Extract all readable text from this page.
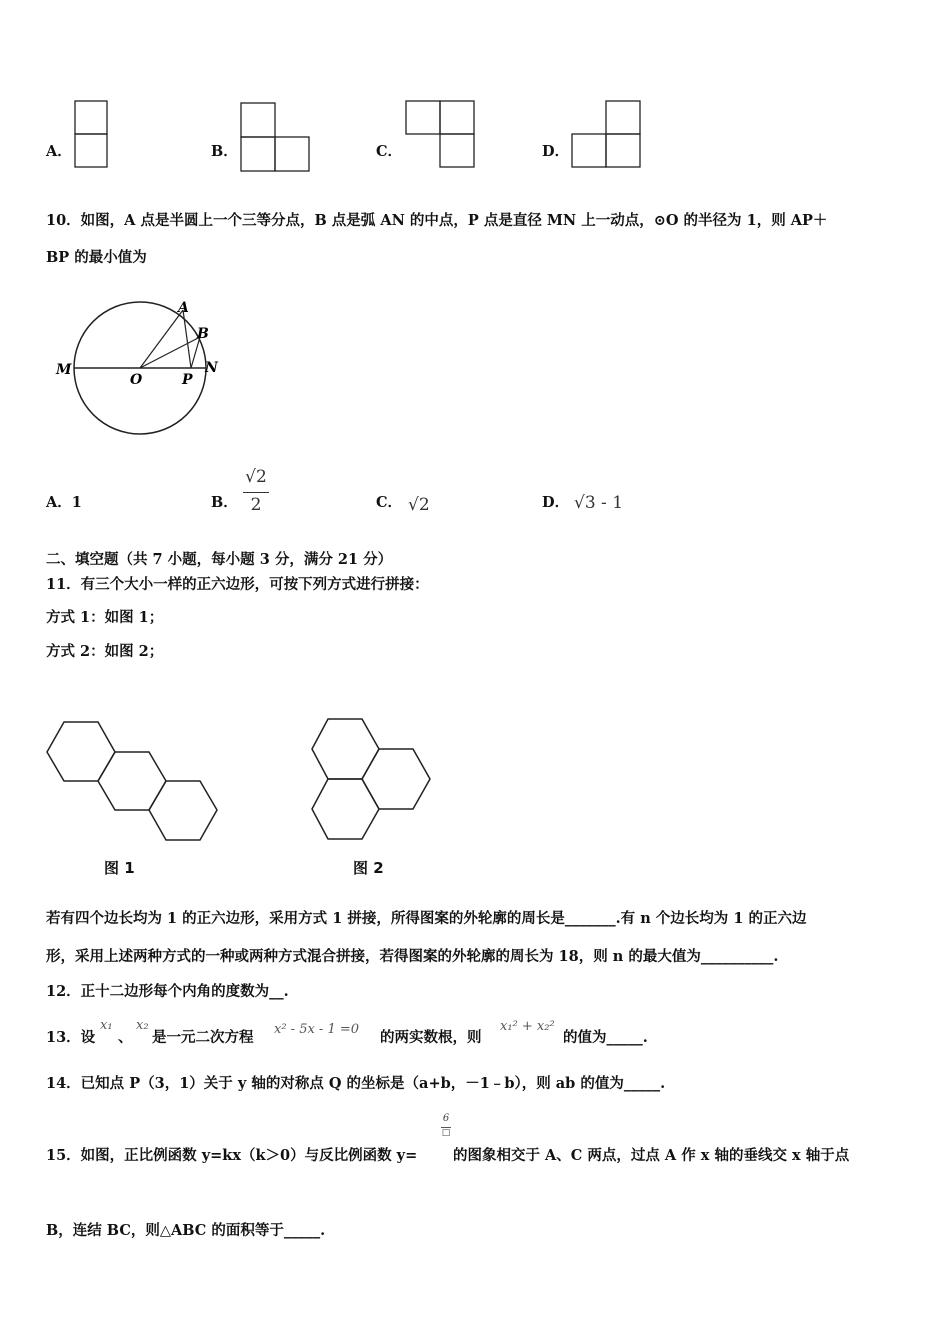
A．	B．	C．	D．
10．如图，A 点是半圆上一个三等分点，B 点是弧 AN 的中点，P 点是直径 MN 上一动点，⊙O 的半径为 1，则 AP＋
BP 的最小值为
M
O	P
N
A
B
A．1	B．
√2
2	C． √2	D． √3 - 1
二、填空题（共 7 小题，每小题 3 分，满分 21 分）
11．有三个大小一样的正六边形，可按下列方式进行拼接：
方式 1：如图 1；
方式 2：如图 2；
图 1	图 2
若有四个边长均为 1 的正六边形，采用方式 1 拼接，所得图案的外轮廓的周长是_______.有 n 个边长均为 1 的正六边
形，采用上述两种方式的一种或两种方式混合拼接，若得图案的外轮廓的周长为 18，则 n 的最大值为__________.
12．正十二边形每个内角的度数为__.
13．设
x₁
、
x₂
是一元二次方程 x² - 5x - 1 =0 的两实数根，则
x₁² + x₂²
的值为_____.
14．已知点 P（3，1）关于 y 轴的对称点 Q 的坐标是（a+b，－1﹣b），则 ab 的值为_____.
6
□
15．如图，正比例函数 y=kx（k＞0）与反比例函数 y= 的图象相交于 A、C 两点，过点 A 作 x 轴的垂线交 x 轴于点
B，连结 BC，则△ABC 的面积等于_____.
